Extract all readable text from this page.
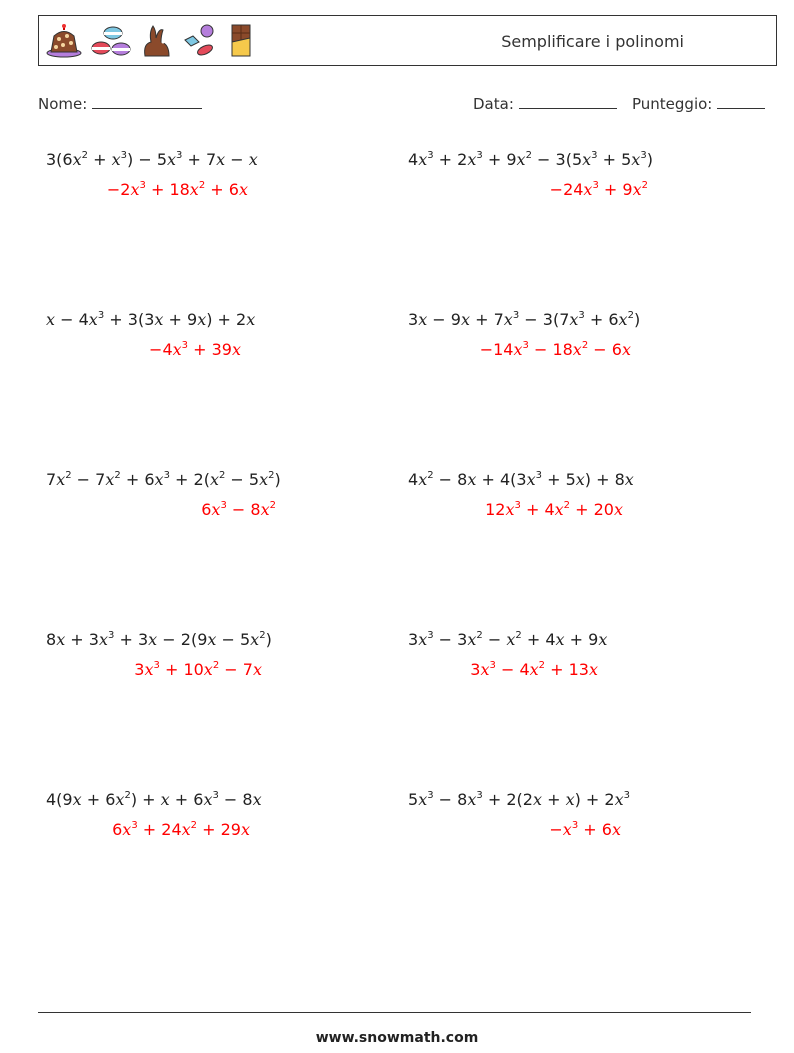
Semplificare i polinomi
Nome:	Data:	Punteggio:
$3(6x^2 + x^3) - 5x^3 + 7x - x$
$-2x^3 + 18x^2 + 6x$
$4x^3 + 2x^3 + 9x^2 - 3(5x^3 + 5x^3)$
$-24x^3 + 9x^2$
$x - 4x^3 + 3(3x + 9x) + 2x$
$-4x^3 + 39x$
$3x - 9x + 7x^3 - 3(7x^3 + 6x^2)$
$-14x^3 - 18x^2 - 6x$
$7x^2 - 7x^2 + 6x^3 + 2(x^2 - 5x^2)$
$6x^3 - 8x^2$
$4x^2 - 8x + 4(3x^3 + 5x) + 8x$
$12x^3 + 4x^2 + 20x$
$8x + 3x^3 + 3x - 2(9x - 5x^2)$
$3x^3 + 10x^2 - 7x$
$3x^3 - 3x^2 - x^2 + 4x + 9x$
$3x^3 - 4x^2 + 13x$
$4(9x + 6x^2) + x + 6x^3 - 8x$
$6x^3 + 24x^2 + 29x$
$5x^3 - 8x^3 + 2(2x + x) + 2x^3$
$-x^3 + 6x$
www.snowmath.com
